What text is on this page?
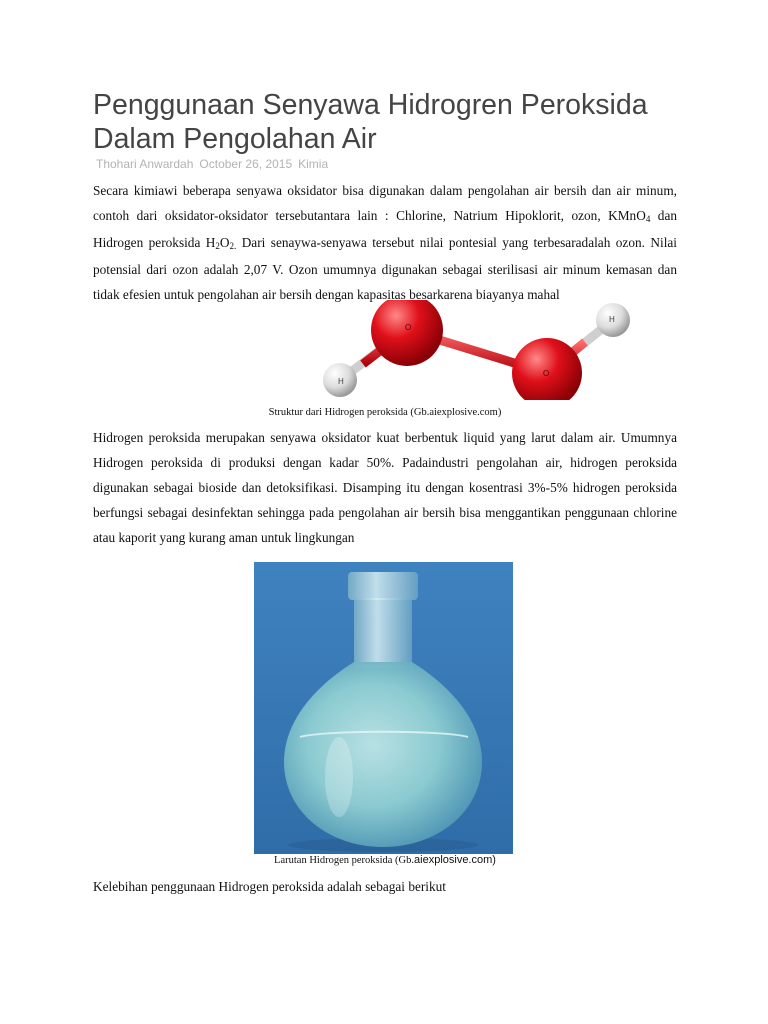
Penggunaan Senyawa Hidrogren Peroksida
Dalam Pengolahan Air
Thohari Anwardah October 26, 2015 Kimia

Secara kimiawi beberapa senyawa oksidator bisa digunakan dalam pengolahan air bersih dan air minum, contoh dari oksidator-oksidator tersebutantara lain : Chlorine, Natrium Hipoklorit, ozon, KMnO$_4$ dan Hidrogen peroksida $H_2O_{2.}$ Dari senaywa-senyawa tersebut nilai pontesial yang terbesaradalah ozon. Nilai potensial dari ozon adalah 2,07 V. Ozon umumnya digunakan sebagai sterilisasi air minum kemasan dan tidak efesien untuk pengolahan air bersih dengan kapasitas besarkarena biayanya mahal

O
O
H
H
Struktur dari Hidrogen peroksida (Gb.aiexplosive.com)

Hidrogen peroksida merupakan senyawa oksidator kuat berbentuk liquid yang larut dalam air. Umumnya Hidrogen peroksida di produksi dengan kadar 50%. Padaindustri pengolahan air, hidrogen peroksida digunakan sebagai bioside dan detoksifikasi. Disamping itu dengan kosentrasi 3%-5% hidrogen peroksida berfungsi sebagai desinfektan sehingga pada pengolahan air bersih bisa menggantikan penggunaan chlorine atau kaporit yang kurang aman untuk lingkungan

Larutan Hidrogen peroksida (Gb.aiexplosive.com)

Kelebihan penggunaan Hidrogen peroksida adalah sebagai berikut
